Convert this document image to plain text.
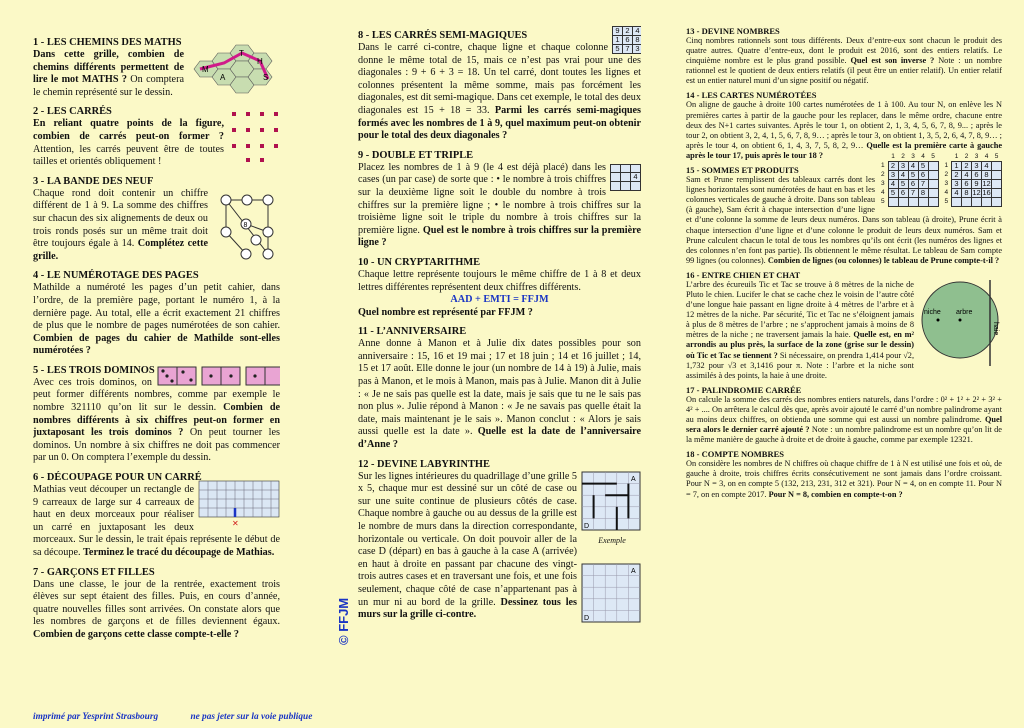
1 - LES CHEMINS DES MATHS
M
A
T
H
S

Dans cette grille, combien de chemins différents permettent de lire le mot MATHS ? On comptera le chemin représenté sur le dessin.

2 - LES CARRÉS

En reliant quatre points de la figure, combien de carrés peut-on former ? Attention, les carrés peuvent être de toutes tailles et orientés obliquement !

3 - LA BANDE DES NEUF
8

Chaque rond doit contenir un chiffre différent de 1 à 9. La somme des chiffres sur chacun des six alignements de deux ou trois ronds posés sur un même trait doit être toujours égale à 14. Complétez cette grille.

4 - LE NUMÉROTAGE DES PAGES

Mathilde a numéroté les pages d’un petit cahier, dans l’ordre, de la première page, portant le numéro 1, à la dernière page. Au total, elle a écrit exactement 21 chiffres de plus que le nombre de pages numérotées de son cahier. Combien de pages du cahier de Mathilde sont-elles numérotées ?

5 - LES TROIS DOMINOS

Avec ces trois dominos, on peut former différents nombres, comme par exemple le nombre 321110 qu’on lit sur le dessin. Combien de nombres différents à six chiffres peut-on former en juxtaposant les trois dominos ? On peut tourner les dominos. Un nombre à six chiffres ne doit pas commencer par un 0. On comptera l’exemple du dessin.

6 - DÉCOUPAGE POUR UN CARRÉ
✕

Mathias veut découper un rectangle de 9 carreaux de large sur 4 carreaux de haut en deux morceaux pour réaliser un carré en juxtaposant les deux morceaux. Sur le dessin, le trait épais représente le début de sa découpe. Terminez le tracé du découpage de Mathias.

7 - GARÇONS ET FILLES

Dans une classe, le jour de la rentrée, exactement trois élèves sur sept étaient des filles. Puis, en cours d’année, quatre nouvelles filles sont arrivées. On constate alors que les nombres de garçons et de filles deviennent égaux. Combien de garçons cette classe compte-t-elle ?	© FFJM
9	2	4
1	6	8
5	7	3
8 - LES CARRÉS SEMI-MAGIQUES

Dans le carré ci-contre, chaque ligne et chaque colonne donne le même total de 15, mais ce n’est pas vrai pour une des diagonales : 9 + 6 + 3 = 18. Un tel carré, dont toutes les lignes et colonnes présentent la même somme, mais pas forcément les diagonales, est dit semi-magique. Dans cet exemple, le total des deux diagonales est 15 + 18 = 33. Parmi les carrés semi-magiques formés avec les nombres de 1 à 9, quel maximum peut-on obtenir pour le total des deux diagonales ?

9 - DOUBLE ET TRIPLE

		4

Placez les nombres de 1 à 9 (le 4 est déjà placé) dans les cases (un par case) de sorte que : • le nombre à trois chiffres sur la deuxième ligne soit le double du nombre à trois chiffres sur la première ligne ; • le nombre à trois chiffres sur la troisième ligne soit le triple du nombre à trois chiffres sur la première ligne. Quel est le nombre à trois chiffres sur la première ligne ?

10 - UN CRYPTARITHME

Chaque lettre représente toujours le même chiffre de 1 à 8 et deux lettres différentes représentent deux chiffres différents.

AAD + EMTI = FFJM

Quel nombre est représenté par FFJM ?

11 - L’ANNIVERSAIRE

Anne donne à Manon et à Julie dix dates possibles pour son anniversaire : 15, 16 et 19 mai ; 17 et 18 juin ; 14 et 16 juillet ; 14, 15 et 17 août. Elle donne le jour (un nombre de 14 à 19) à Julie, mais pas à Manon, et le mois à Manon, mais pas à Julie. Manon dit à Julie : « Je ne sais pas quelle est la date, mais je sais que tu ne le sais pas non plus ». Julie répond à Manon : « Je ne savais pas quelle était la date, mais maintenant je le sais ». Manon conclut : « Alors je sais aussi quelle est la date ». Quelle est la date de l’anniversaire d’Anne ?

12 - DEVINE LABYRINTHE
A
D
Exemple
A
D

Sur les lignes intérieures du quadrillage d’une grille 5 x 5, chaque mur est dessiné sur un côté de case ou sur une suite continue de plusieurs côtés de case. Chaque nombre à gauche ou au dessus de la grille est le nombre de murs dans la direction correspondante, horizontale ou verticale. On doit pouvoir aller de la case D (départ) en bas à gauche à la case A (arrivée) en haut à droite en passant par chacune des vingt-trois autres cases et en traversant une fois, et une fois seulement, chaque côté de case n’appartenant pas à un mur ni au bord de la grille. Dessinez tous les murs sur la grille ci-contre.

13 - DEVINE NOMBRES

Cinq nombres rationnels sont tous différents. Deux d’entre-eux sont chacun le produit des quatre autres. Quatre d’entre-eux, dont le produit est 2016, sont des entiers relatifs. Le cinquième nombre est le plus grand possible. Quel est son inverse ? Note : un nombre rationnel est le quotient de deux entiers relatifs (il peut être un entier relatif). Un entier relatif est un entier naturel muni d’un signe positif ou négatif.

14 - LES CARTES NUMÉROTÉES

On aligne de gauche à droite 100 cartes numérotées de 1 à 100. Au tour N, on enlève les N premières cartes à partir de la gauche pour les replacer, dans le même ordre, chacune entre deux des N+1 cartes suivantes. Après le tour 1, on obtient 2, 1, 3, 4, 5, 6, 7, 8, 9... ; après le tour 2, on obtient 3, 2, 4, 1, 5, 6, 7, 8, 9… ; après le tour 3, on obtient 1, 3, 5, 2, 6, 4, 7, 8, 9… ; après le tour 4, on obtient 6, 1, 4, 3, 7, 5, 8, 2, 9… Quelle est la première carte à gauche après le tour 17, puis après le tour 18 ?

15 - SOMMES ET PRODUITS
	1	2	3	4	5
1	2	3	4	5	
2	3	4	5	6	
3	4	5	6	7	
4	5	6	7	8	
5					
	1	2	3	4	5
1	1	2	3	4	
2	2	4	6	8	
3	3	6	9	12	
4	4	8	12	16	
5					

Sam et Prune remplissent des tableaux carrés dont les lignes horizontales sont numérotées de haut en bas et les colonnes verticales de gauche à droite. Dans son tableau (à gauche), Sam écrit à chaque intersection d’une ligne et d’une colonne la somme de leurs deux numéros. Dans son tableau (à droite), Prune écrit à chaque intersection d’une ligne et d’une colonne le produit de leurs deux numéros. Sam et Prune calculent chacun le total de tous les nombres qu’ils ont écrit (les numéros des lignes et des colonnes n’en font pas partie). Ils obtiennent le même résultat. Le tableau de Sam compte 99 lignes (ou colonnes). Combien de lignes (ou colonnes) le tableau de Prune compte-t-il ?

16 - ENTRE CHIEN ET CHAT
niche arbre
haie

L’arbre des écureuils Tic et Tac se trouve à 8 mètres de la niche de Pluto le chien. Lucifer le chat se cache chez le voisin de l’autre côté d’une longue haie passant en ligne droite à 4 mètres de l’arbre et à 12 mètres de la niche. Par sécurité, Tic et Tac ne s’éloignent jamais à plus de 8 mètres de l’arbre ; ne s’approchent jamais à moins de 8 mètres de la niche ; ne traversent jamais la haie. Quelle est, en m² arrondis au plus près, la surface de la zone (grise sur le dessin) où Tic et Tac se tiennent ? Si nécessaire, on prendra 1,414 pour √2, 1,732 pour √3 et 3,1416 pour π. Note : l’arbre et la niche sont assimilés à des points, la haie à une droite.

17 - PALINDROMIE CARRÉE

On calcule la somme des carrés des nombres entiers naturels, dans l’ordre : 0² + 1² + 2² + 3² + 4² + .... On arrêtera le calcul dès que, après avoir ajouté le carré d’un nombre palindrome ayant au moins deux chiffres, on obtienda une somme qui est aussi un nombre palindrome. Quel sera alors le dernier carré ajouté ? Note : un nombre palindrome est un nombre qu’on lit de la même manière de gauche à droite et de droite à gauche, comme par exemple 12321.

18 - COMPTE NOMBRES

On considère les nombres de N chiffres où chaque chiffre de 1 à N est utilisé une fois et où, de gauche à droite, trois chiffres écrits consécutivement ne sont jamais dans l’ordre croissant. Pour N = 3, on en compte 5 (132, 213, 231, 312 et 321). Pour N = 4, on en compte 11. Pour N = 7, on en compte 2017. Pour N = 8, combien en compte-t-on ?

imprimé par Yesprint Strasbourg	ne pas jeter sur la voie publique
